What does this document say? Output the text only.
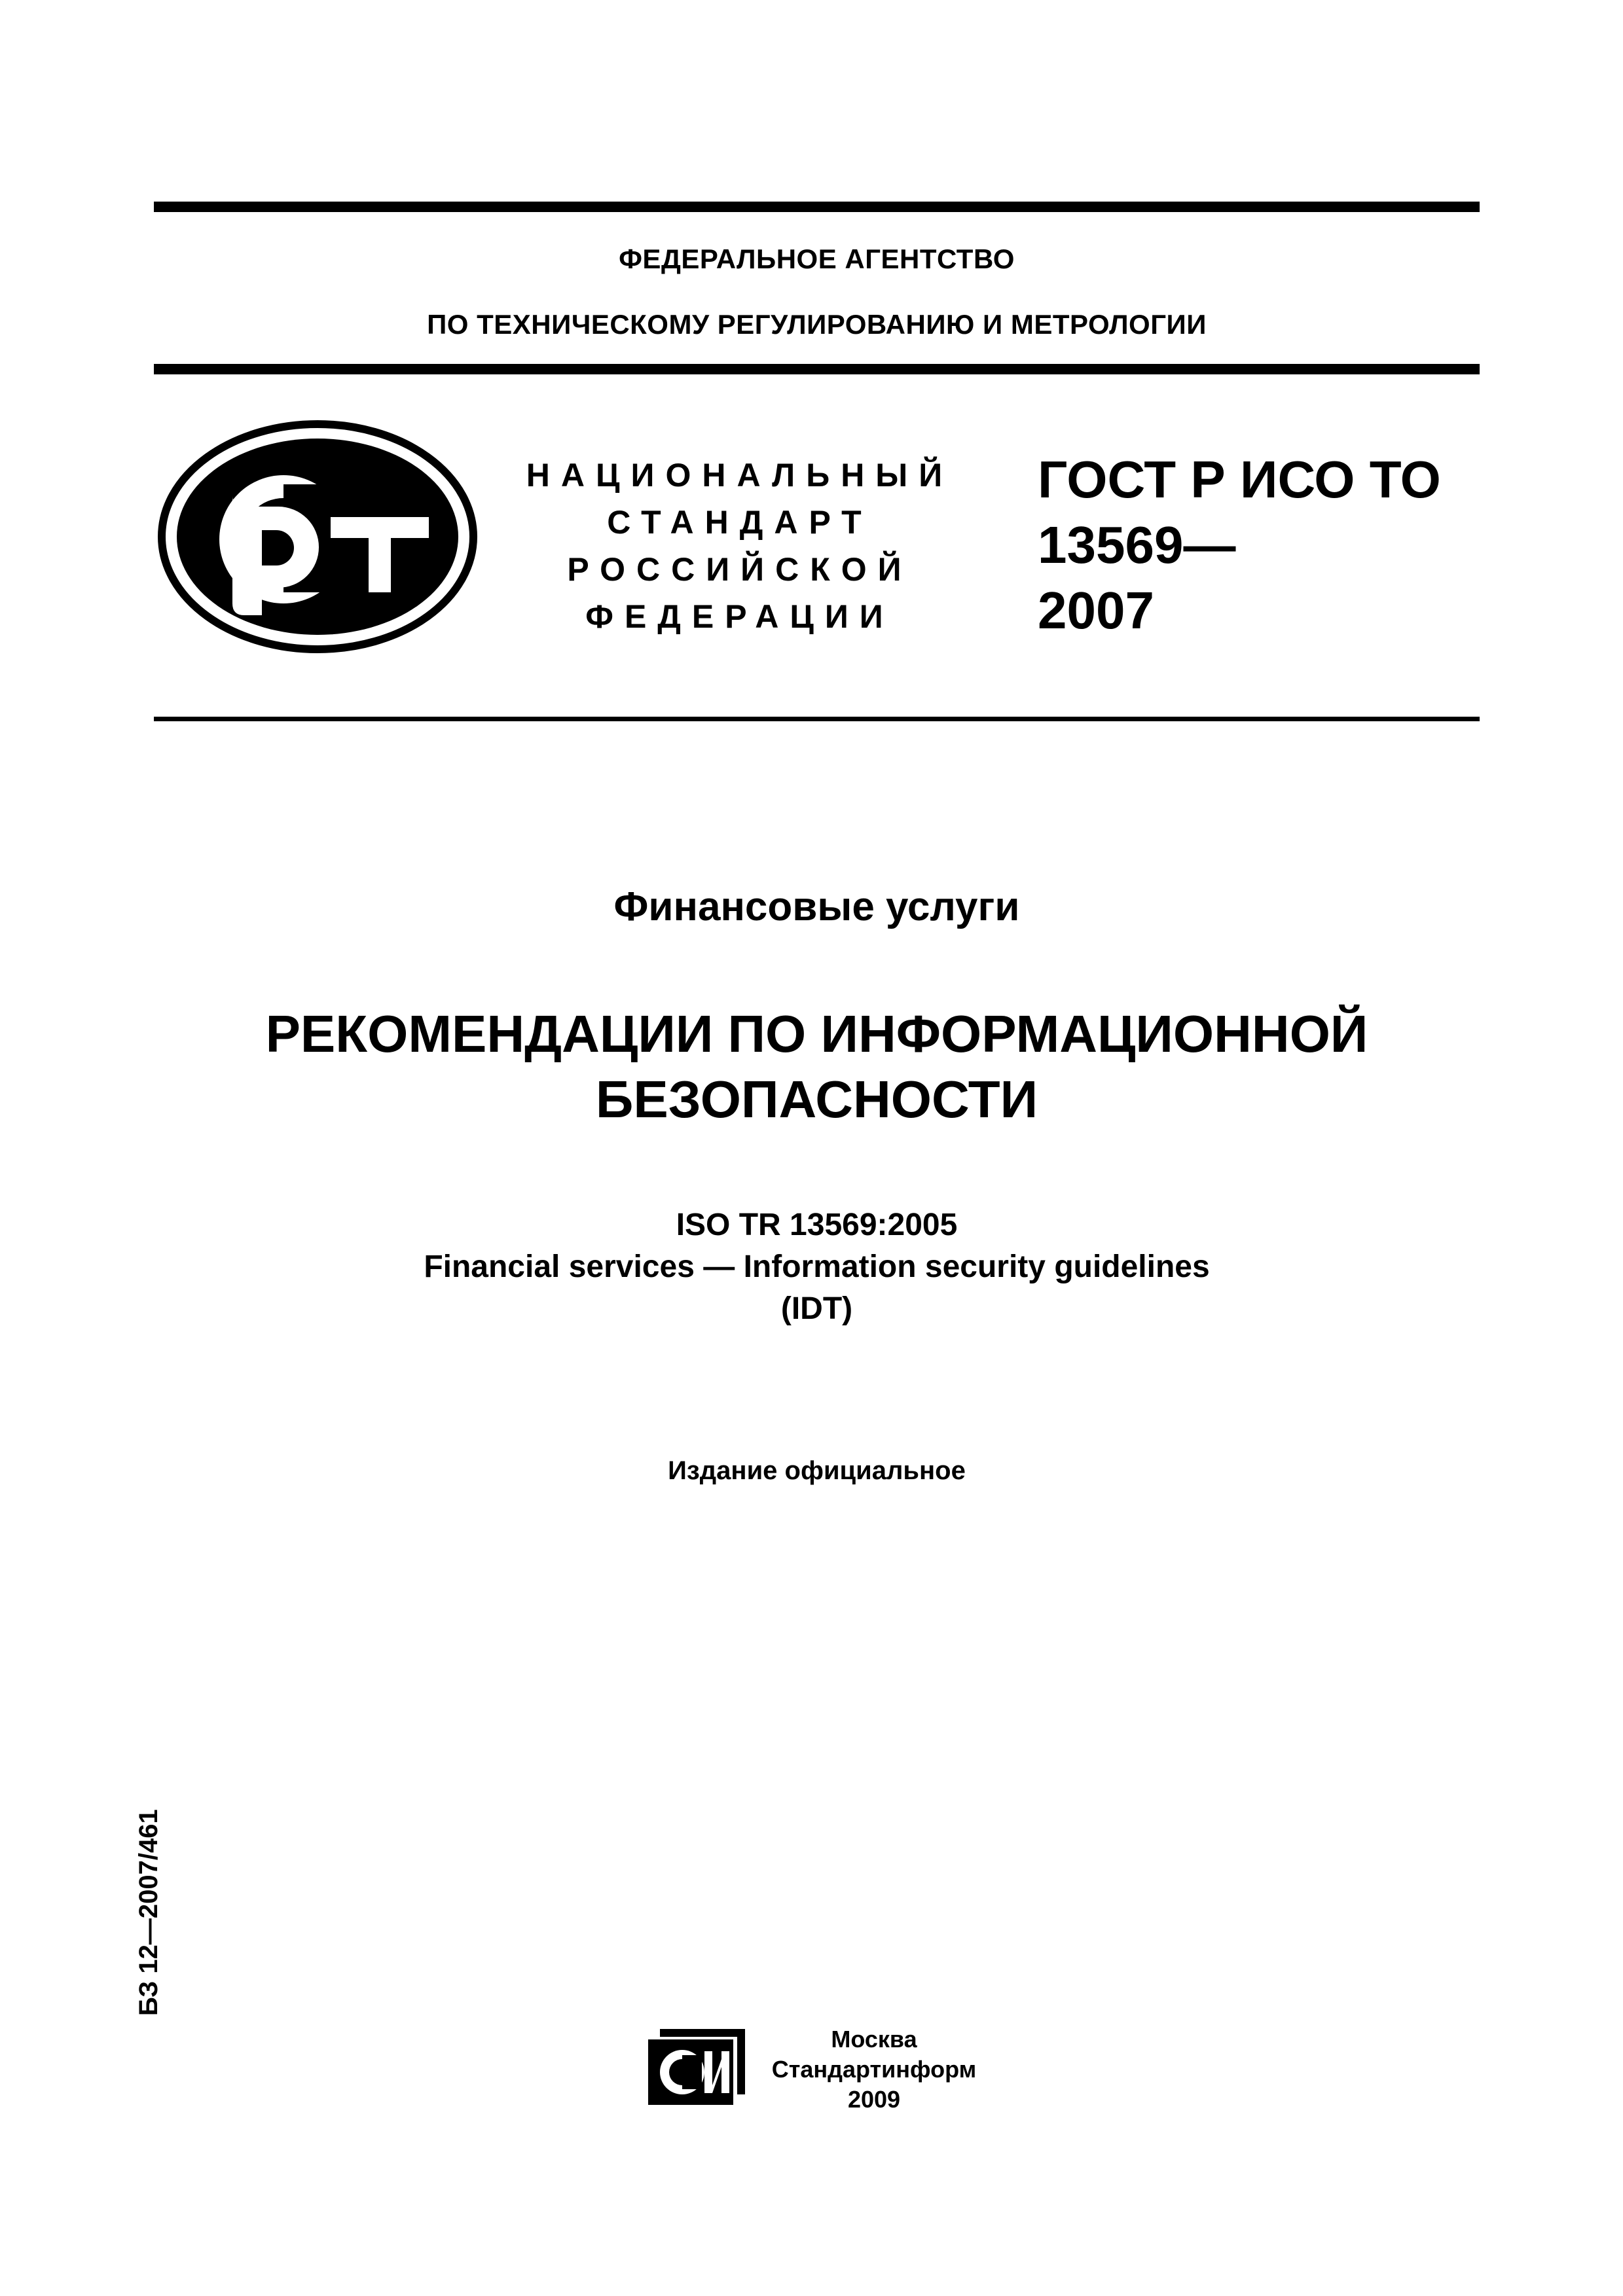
ФЕДЕРАЛЬНОЕ АГЕНТСТВО
ПО ТЕХНИЧЕСКОМУ РЕГУЛИРОВАНИЮ И МЕТРОЛОГИИ
РСТ
НАЦИОНАЛЬНЫЙ
СТАНДАРТ
РОССИЙСКОЙ
ФЕДЕРАЦИИ
ГОСТ Р ИСО ТО
13569—
2007
Финансовые услуги
РЕКОМЕНДАЦИИ ПО ИНФОРМАЦИОННОЙ
БЕЗОПАСНОСТИ
ISO TR 13569:2005
Financial services — Information security guidelines
(IDT)
Издание официальное
БЗ 12—2007/461
СИ	Москва
Стандартинформ
2009
